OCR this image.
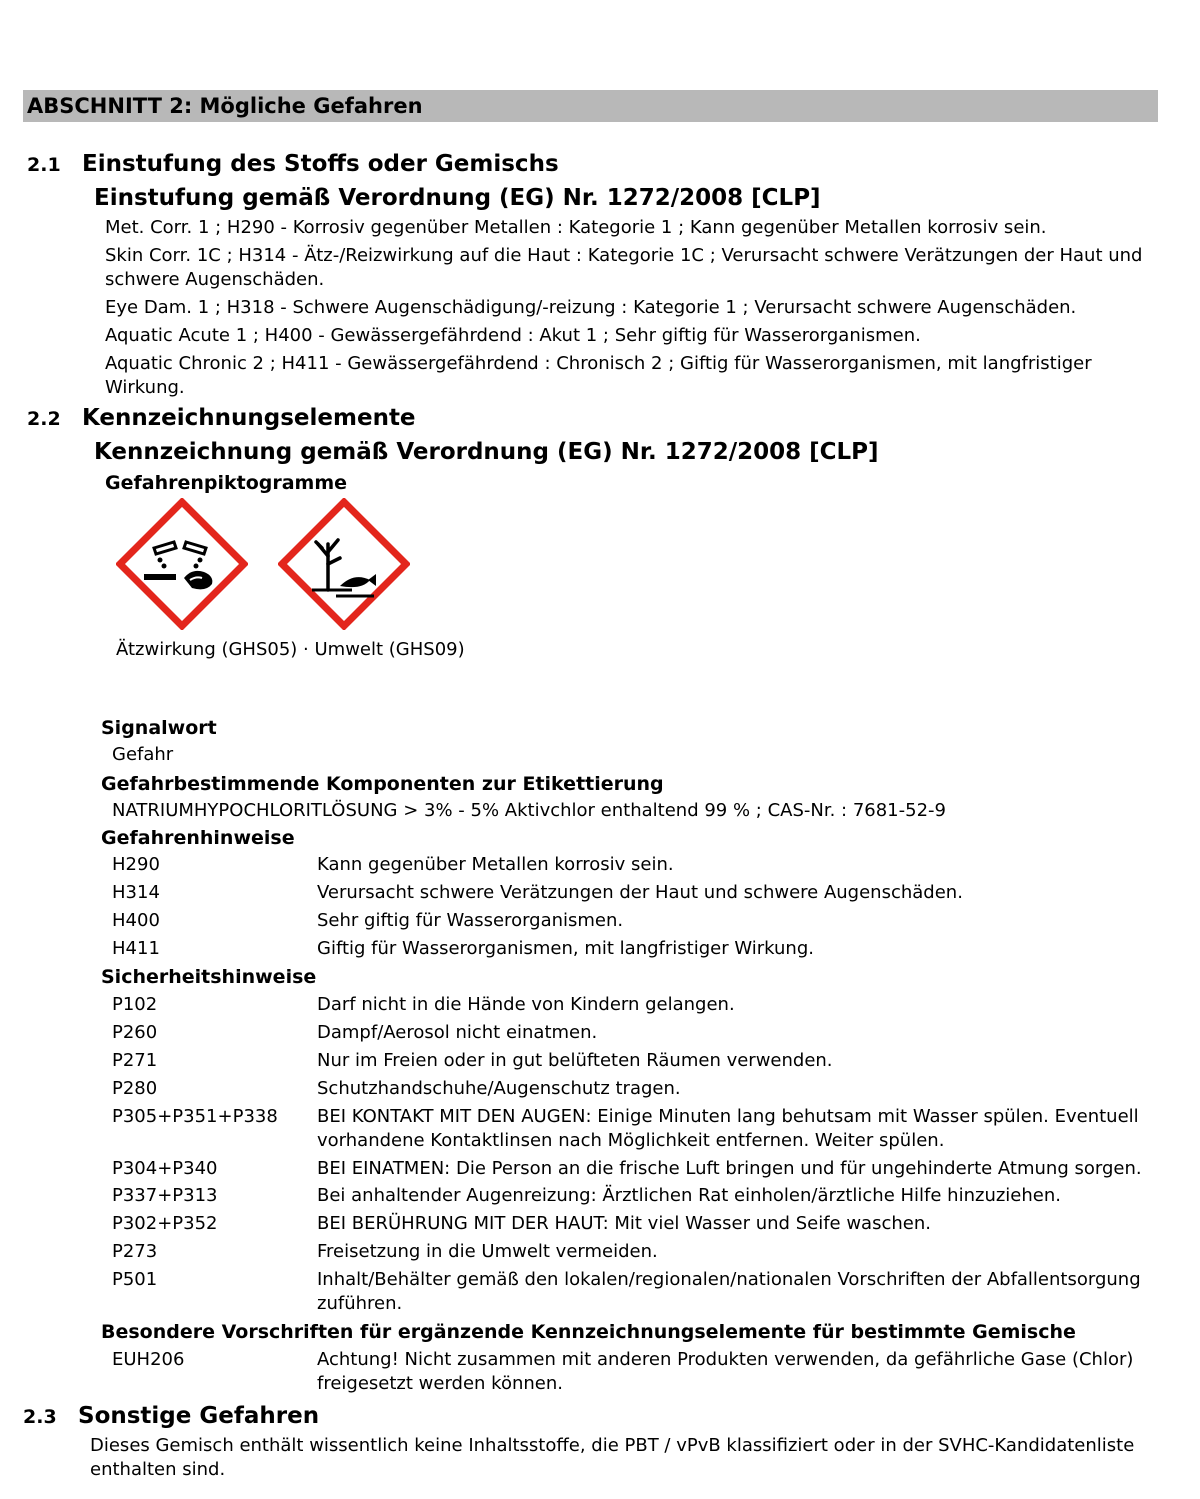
ABSCHNITT 2: Mögliche Gefahren
2.1 Einstufung des Stoffs oder Gemischs
Einstufung gemäß Verordnung (EG) Nr. 1272/2008 [CLP]

Met. Corr. 1 ; H290 - Korrosiv gegenüber Metallen : Kategorie 1 ; Kann gegenüber Metallen korrosiv sein.

Skin Corr. 1C ; H314 - Ätz-/Reizwirkung auf die Haut : Kategorie 1C ; Verursacht schwere Verätzungen der Haut und schwere Augenschäden.

Eye Dam. 1 ; H318 - Schwere Augenschädigung/-reizung : Kategorie 1 ; Verursacht schwere Augenschäden.

Aquatic Acute 1 ; H400 - Gewässergefährdend : Akut 1 ; Sehr giftig für Wasserorganismen.

Aquatic Chronic 2 ; H411 - Gewässergefährdend : Chronisch 2 ; Giftig für Wasserorganismen, mit langfristiger Wirkung.

2.2 Kennzeichnungselemente
Kennzeichnung gemäß Verordnung (EG) Nr. 1272/2008 [CLP]
Gefahrenpiktogramme
Ätzwirkung (GHS05) · Umwelt (GHS09)
Signalwort
Gefahr
Gefahrbestimmende Komponenten zur Etikettierung
NATRIUMHYPOCHLORITLÖSUNG > 3% - 5% Aktivchlor enthaltend 99 % ; CAS-Nr. : 7681-52-9
Gefahrenhinweise
H290	Kann gegenüber Metallen korrosiv sein.
H314	Verursacht schwere Verätzungen der Haut und schwere Augenschäden.
H400	Sehr giftig für Wasserorganismen.
H411	Giftig für Wasserorganismen, mit langfristiger Wirkung.
Sicherheitshinweise
P102	Darf nicht in die Hände von Kindern gelangen.
P260	Dampf/Aerosol nicht einatmen.
P271	Nur im Freien oder in gut belüfteten Räumen verwenden.
P280	Schutzhandschuhe/Augenschutz tragen.
P305+P351+P338	BEI KONTAKT MIT DEN AUGEN: Einige Minuten lang behutsam mit Wasser spülen. Eventuell vorhandene Kontaktlinsen nach Möglichkeit entfernen. Weiter spülen.
P304+P340	BEI EINATMEN: Die Person an die frische Luft bringen und für ungehinderte Atmung sorgen.
P337+P313	Bei anhaltender Augenreizung: Ärztlichen Rat einholen/ärztliche Hilfe hinzuziehen.
P302+P352	BEI BERÜHRUNG MIT DER HAUT: Mit viel Wasser und Seife waschen.
P273	Freisetzung in die Umwelt vermeiden.
P501	Inhalt/Behälter gemäß den lokalen/regionalen/nationalen Vorschriften der Abfallentsorgung zuführen.
Besondere Vorschriften für ergänzende Kennzeichnungselemente für bestimmte Gemische
EUH206	Achtung! Nicht zusammen mit anderen Produkten verwenden, da gefährliche Gase (Chlor) freigesetzt werden können.
2.3 Sonstige Gefahren
Dieses Gemisch enthält wissentlich keine Inhaltsstoffe, die PBT / vPvB klassifiziert oder in der SVHC-Kandidatenliste enthalten sind.
